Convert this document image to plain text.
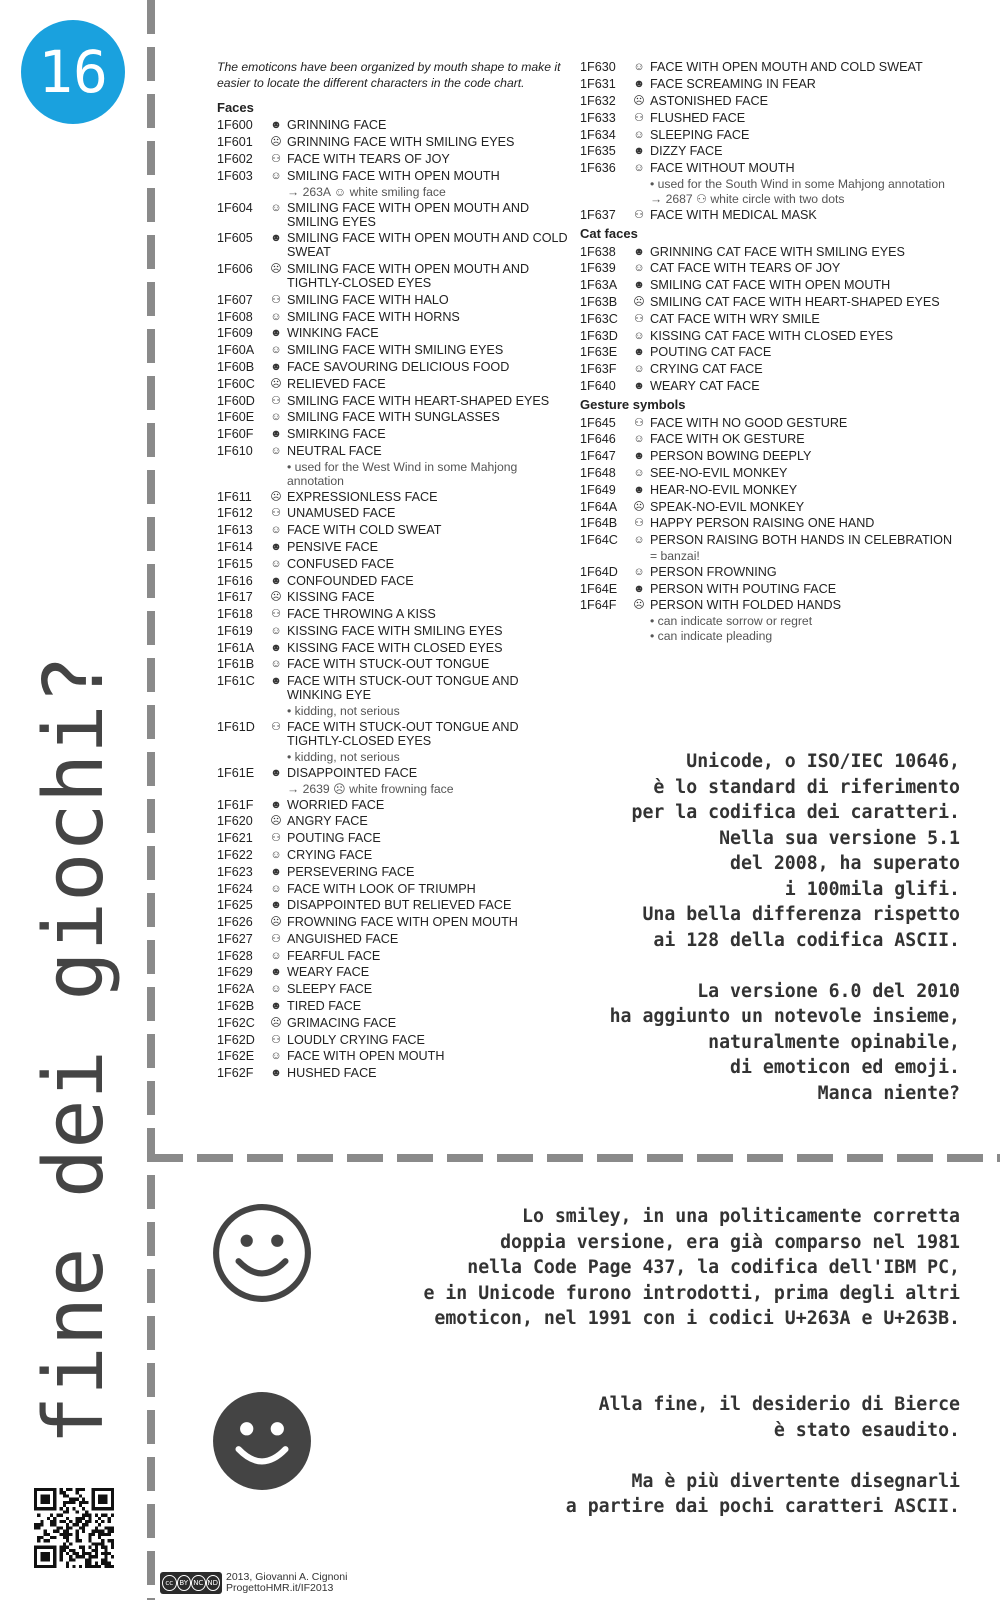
16
fine dei giochi?
The emoticons have been organized by mouth shape to make it easier to locate the different characters in the code chart.
Faces
1F600	☻ GRINNING FACE
1F601	☹ GRINNING FACE WITH SMILING EYES
1F602	⚇ FACE WITH TEARS OF JOY
1F603	☺ SMILING FACE WITH OPEN MOUTH
→ 263A ☺ white smiling face
1F604	☺ SMILING FACE WITH OPEN MOUTH AND SMILING EYES
1F605	☻ SMILING FACE WITH OPEN MOUTH AND COLD SWEAT
1F606	☹ SMILING FACE WITH OPEN MOUTH AND TIGHTLY-CLOSED EYES
1F607	⚇ SMILING FACE WITH HALO
1F608	☺ SMILING FACE WITH HORNS
1F609	☻ WINKING FACE
1F60A	☺ SMILING FACE WITH SMILING EYES
1F60B	☻ FACE SAVOURING DELICIOUS FOOD
1F60C	☹ RELIEVED FACE
1F60D	⚇ SMILING FACE WITH HEART-SHAPED EYES
1F60E	☺ SMILING FACE WITH SUNGLASSES
1F60F	☻ SMIRKING FACE
1F610	☺ NEUTRAL FACE
• used for the West Wind in some Mahjong annotation
1F611	☹ EXPRESSIONLESS FACE
1F612	⚇ UNAMUSED FACE
1F613	☺ FACE WITH COLD SWEAT
1F614	☻ PENSIVE FACE
1F615	☺ CONFUSED FACE
1F616	☻ CONFOUNDED FACE
1F617	☹ KISSING FACE
1F618	⚇ FACE THROWING A KISS
1F619	☺ KISSING FACE WITH SMILING EYES
1F61A	☻ KISSING FACE WITH CLOSED EYES
1F61B	☺ FACE WITH STUCK-OUT TONGUE
1F61C	☻ FACE WITH STUCK-OUT TONGUE AND WINKING EYE
• kidding, not serious
1F61D	⚇ FACE WITH STUCK-OUT TONGUE AND TIGHTLY-CLOSED EYES
• kidding, not serious
1F61E	☻ DISAPPOINTED FACE
→ 2639 ☹ white frowning face
1F61F	☻ WORRIED FACE
1F620	☹ ANGRY FACE
1F621	⚇ POUTING FACE
1F622	☺ CRYING FACE
1F623	☻ PERSEVERING FACE
1F624	☺ FACE WITH LOOK OF TRIUMPH
1F625	☻ DISAPPOINTED BUT RELIEVED FACE
1F626	☹ FROWNING FACE WITH OPEN MOUTH
1F627	⚇ ANGUISHED FACE
1F628	☺ FEARFUL FACE
1F629	☻ WEARY FACE
1F62A	☺ SLEEPY FACE
1F62B	☻ TIRED FACE
1F62C	☹ GRIMACING FACE
1F62D	⚇ LOUDLY CRYING FACE
1F62E	☺ FACE WITH OPEN MOUTH
1F62F	☻ HUSHED FACE
1F630	☺ FACE WITH OPEN MOUTH AND COLD SWEAT
1F631	☻ FACE SCREAMING IN FEAR
1F632	☹ ASTONISHED FACE
1F633	⚇ FLUSHED FACE
1F634	☺ SLEEPING FACE
1F635	☻ DIZZY FACE
1F636	☺ FACE WITHOUT MOUTH
• used for the South Wind in some Mahjong annotation
→ 2687 ⚇ white circle with two dots
1F637	⚇ FACE WITH MEDICAL MASK
Cat faces
1F638	☻ GRINNING CAT FACE WITH SMILING EYES
1F639	☺ CAT FACE WITH TEARS OF JOY
1F63A	☻ SMILING CAT FACE WITH OPEN MOUTH
1F63B	☹ SMILING CAT FACE WITH HEART-SHAPED EYES
1F63C	⚇ CAT FACE WITH WRY SMILE
1F63D	☺ KISSING CAT FACE WITH CLOSED EYES
1F63E	☻ POUTING CAT FACE
1F63F	☺ CRYING CAT FACE
1F640	☻ WEARY CAT FACE
Gesture symbols
1F645	⚇ FACE WITH NO GOOD GESTURE
1F646	☺ FACE WITH OK GESTURE
1F647	☻ PERSON BOWING DEEPLY
1F648	☺ SEE-NO-EVIL MONKEY
1F649	☻ HEAR-NO-EVIL MONKEY
1F64A	☹ SPEAK-NO-EVIL MONKEY
1F64B	⚇ HAPPY PERSON RAISING ONE HAND
1F64C	☺ PERSON RAISING BOTH HANDS IN CELEBRATION
= banzai!
1F64D	☺ PERSON FROWNING
1F64E	☻ PERSON WITH POUTING FACE
1F64F	☹ PERSON WITH FOLDED HANDS
• can indicate sorrow or regret
• can indicate pleading
Unicode, o ISO/IEC 10646,
è lo standard di riferimento
per la codifica dei caratteri.
Nella sua versione 5.1
del 2008, ha superato
i 100mila glifi.
Una bella differenza rispetto
ai 128 della codifica ASCII.

La versione 6.0 del 2010
ha aggiunto un notevole insieme,
naturalmente opinabile,
di emoticon ed emoji.
Manca niente?
Lo smiley, in una politicamente corretta
doppia versione, era già comparso nel 1981
nella Code Page 437, la codifica dell'IBM PC,
e in Unicode furono introdotti, prima degli altri
emoticon, nel 1991 con i codici U+263A e U+263B.
Alla fine, il desiderio di Bierce
è stato esaudito.

Ma è più divertente disegnarli
a partire dai pochi caratteri ASCII.
cc BY NC ND 2013, Giovanni A. Cignoni
ProgettoHMR.it/IF2013
